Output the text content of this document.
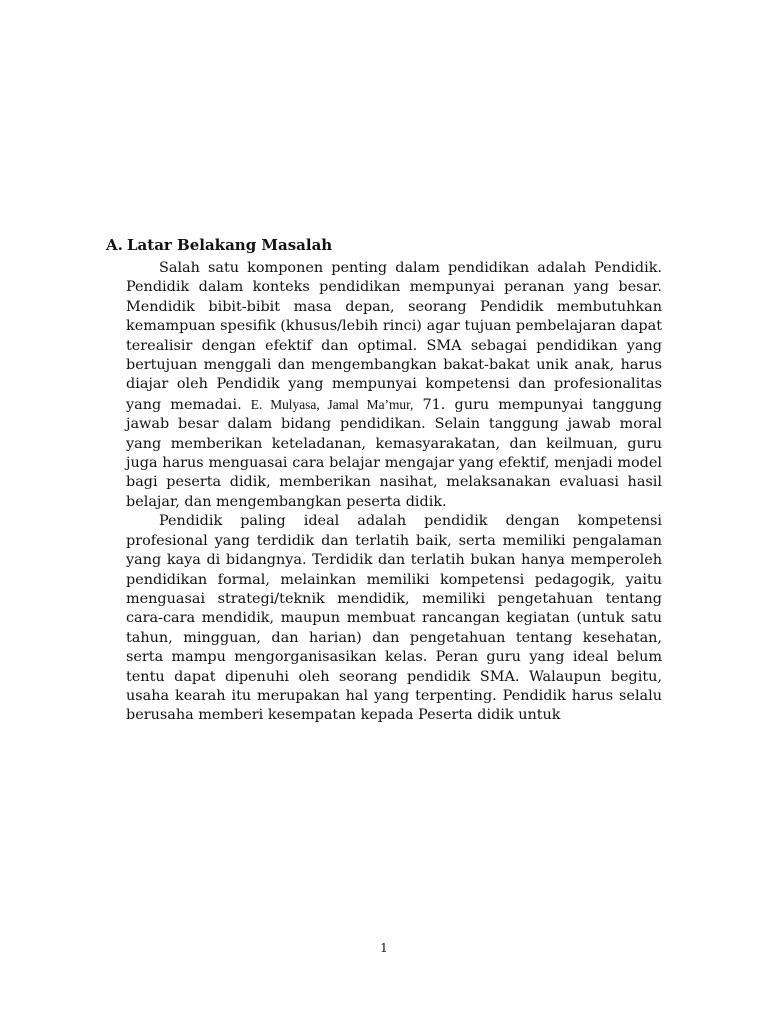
A. Latar Belakang Masalah

Salah satu komponen penting dalam pendidikan adalah Pendidik. Pendidik dalam konteks pendidikan mempunyai peranan yang besar. Mendidik bibit-bibit masa depan, seorang Pendidik membutuhkan kemampuan spesifik (khusus/lebih rinci) agar tujuan pembelajaran dapat terealisir dengan efektif dan optimal. SMA sebagai pendidikan yang bertujuan menggali dan mengembangkan bakat-bakat unik anak, harus diajar oleh Pendidik yang mempunyai kompetensi dan profesionalitas yang memadai. E. Mulyasa, Jamal Ma’mur, 71. guru mempunyai tanggung jawab besar dalam bidang pendidikan. Selain tanggung jawab moral yang memberikan keteladanan, kemasyarakatan, dan keilmuan, guru juga harus menguasai cara belajar mengajar yang efektif, menjadi model bagi peserta didik, memberikan nasihat, melaksanakan evaluasi hasil belajar, dan mengembangkan peserta didik.

Pendidik paling ideal adalah pendidik dengan kompetensi profesional yang terdidik dan terlatih baik, serta memiliki pengalaman yang kaya di bidangnya. Terdidik dan terlatih bukan hanya memperoleh pendidikan formal, melainkan memiliki kompetensi pedagogik, yaitu menguasai strategi/teknik mendidik, memiliki pengetahuan tentang cara-cara mendidik, maupun membuat rancangan kegiatan (untuk satu tahun, mingguan, dan harian) dan pengetahuan tentang kesehatan, serta mampu mengorganisasikan kelas. Peran guru yang ideal belum tentu dapat dipenuhi oleh seorang pendidik SMA. Walaupun begitu, usaha kearah itu merupakan hal yang terpenting. Pendidik harus selalu berusaha memberi kesempatan kepada Peserta didik untuk

1
